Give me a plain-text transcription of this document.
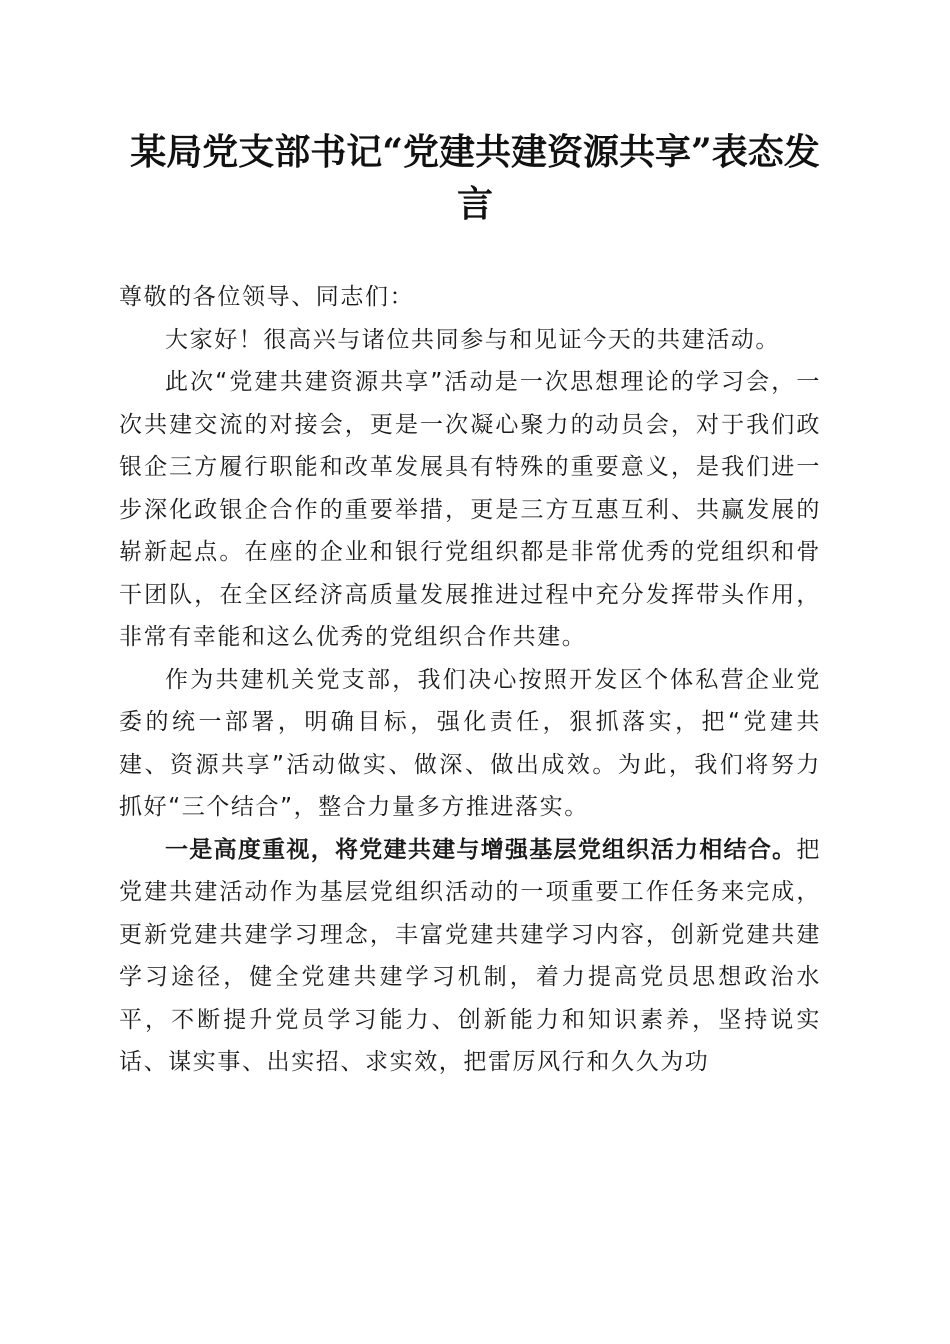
某局党支部书记“党建共建资源共享”表态发言

尊敬的各位领导、同志们：

大家好！很高兴与诸位共同参与和见证今天的共建活动。

此次“党建共建资源共享”活动是一次思想理论的学习会，一次共建交流的对接会，更是一次凝心聚力的动员会，对于我们政银企三方履行职能和改革发展具有特殊的重要意义，是我们进一步深化政银企合作的重要举措，更是三方互惠互利、共赢发展的崭新起点。在座的企业和银行党组织都是非常优秀的党组织和骨干团队，在全区经济高质量发展推进过程中充分发挥带头作用，非常有幸能和这么优秀的党组织合作共建。

作为共建机关党支部，我们决心按照开发区个体私营企业党委的统一部署，明确目标，强化责任，狠抓落实，把“党建共建、资源共享”活动做实、做深、做出成效。为此，我们将努力抓好“三个结合”，整合力量多方推进落实。

一是高度重视，将党建共建与增强基层党组织活力相结合。把党建共建活动作为基层党组织活动的一项重要工作任务来完成，更新党建共建学习理念，丰富党建共建学习内容，创新党建共建学习途径，健全党建共建学习机制，着力提高党员思想政治水平，不断提升党员学习能力、创新能力和知识素养，坚持说实话、谋实事、出实招、求实效，把雷厉风行和久久为功
